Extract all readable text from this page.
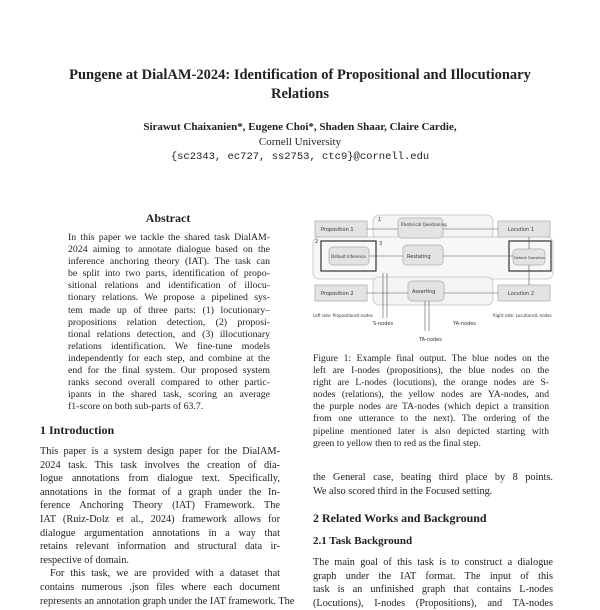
Pungene at DialAM-2024: Identification of Propositional and Illocutionary
Relations
Sirawut Chaixanien*, Eugene Choi*, Shaden Shaar, Claire Cardie,
Cornell University
{sc2343, ec727, ss2753, ctc9}@cornell.edu
Abstract
In this paper we tackle the shared task DialAM-
2024 aiming to annotate dialogue based on the
inference anchoring theory (IAT). The task can
be split into two parts, identification of propo-
sitional relations and identification of illocu-
tionary relations. We propose a pipelined sys-
tem made up of three parts: (1) locutionary–
propositions relation detection, (2) proposi-
tional relations detection, and (3) illocutionary
relations identification. We fine-tune models
independently for each step, and combine at the
end for the final system. Our proposed system
ranks second overall compared to other partic-
ipants in the shared task, scoring an average
f1-score on both sub-parts of 63.7.
1 Introduction
This paper is a system design paper for the DialAM-
2024 task. This task involves the creation of dia-
logue annotations from dialogue text. Specifically,
annotations in the format of a graph under the In-
ference Anchoring Theory (IAT) Framework. The
IAT (Ruiz-Dolz et al., 2024) framework allows for
dialogue argumentation annotations in a way that
retains relevant information and structural data ir-
respective of domain.
For this task, we are provided with a dataset that
contains numerous .json files where each document
represents an annotation graph under the IAT framework. The
Proposition 1
Rhetorical Questioning
Locution 1
Default Inference	Restating	Default Transition
Proposition 2	Asserting	Locution 2
Left side: Propositions/I-nodes	Right side: Locutions/L-nodes
S-nodes	YA-nodes
TA-nodes
1
2	3
Figure 1: Example final output. The blue nodes on the
left are I-nodes (propositions), the blue nodes on the
right are L-nodes (locutions), the orange nodes are S-
nodes (relations), the yellow nodes are YA-nodes, and
the purple nodes are TA-nodes (which depict a transition
from one utterance to the next). The ordering of the
pipeline mentioned later is also depicted starting with
green to yellow then to red as the final step.
the General case, beating third place by 8 points.
We also scored third in the Focused setting.
2 Related Works and Background
2.1 Task Background
The main goal of this task is to construct a dialogue
graph under the IAT format. The input of this
task is an unfinished graph that contains L-nodes
(Locutions), I-nodes (Propositions), and TA-nodes
